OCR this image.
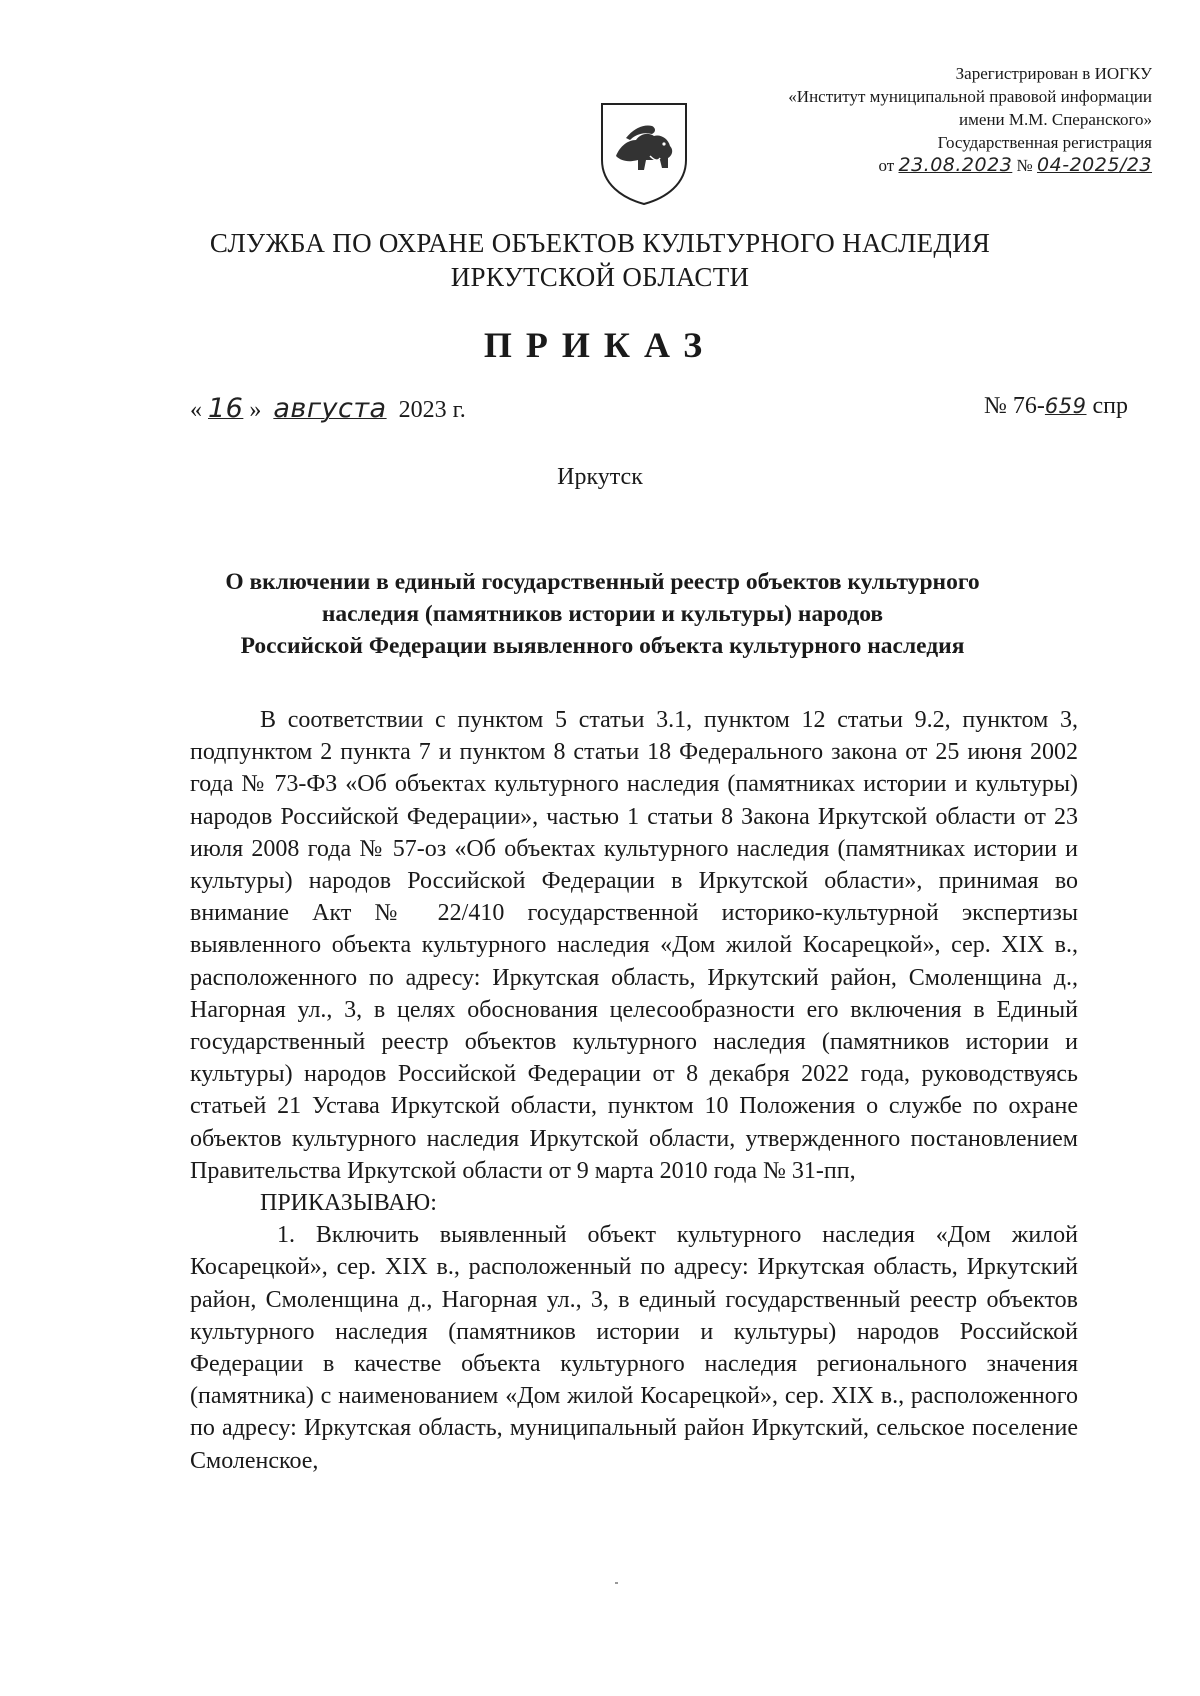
Зарегистрирован в ИОГКУ
«Институт муниципальной правовой информации
имени М.М. Сперанского»
Государственная регистрация
от 23.08.2023 № 04-2025/23
СЛУЖБА ПО ОХРАНЕ ОБЪЕКТОВ КУЛЬТУРНОГО НАСЛЕДИЯ
ИРКУТСКОЙ ОБЛАСТИ
ПРИКАЗ
« 16 » августа 2023 г.	№ 76-659 спр
Иркутск
О включении в единый государственный реестр объектов культурного
наследия (памятников истории и культуры) народов
Российской Федерации выявленного объекта культурного наследия

В соответствии с пунктом 5 статьи 3.1, пунктом 12 статьи 9.2, пунктом 3, подпунктом 2 пункта 7 и пунктом 8 статьи 18 Федерального закона от 25 июня 2002 года № 73-ФЗ «Об объектах культурного наследия (памятниках истории и культуры) народов Российской Федерации», частью 1 статьи 8 Закона Иркутской области от 23 июля 2008 года № 57-оз «Об объектах культурного наследия (памятниках истории и культуры) народов Российской Федерации в Иркутской области», принимая во внимание Акт № 22/410 государственной историко-культурной экспертизы выявленного объекта культурного наследия «Дом жилой Косарецкой», сер. XIX в., расположенного по адресу: Иркутская область, Иркутский район, Смоленщина д., Нагорная ул., 3, в целях обоснования целесообразности его включения в Единый государственный реестр объектов культурного наследия (памятников истории и культуры) народов Российской Федерации от 8 декабря 2022 года, руководствуясь статьей 21 Устава Иркутской области, пунктом 10 Положения о службе по охране объектов культурного наследия Иркутской области, утвержденного постановлением Правительства Иркутской области от 9 марта 2010 года № 31-пп,

ПРИКАЗЫВАЮ:

1. Включить выявленный объект культурного наследия «Дом жилой Косарецкой», сер. XIX в., расположенный по адресу: Иркутская область, Иркутский район, Смоленщина д., Нагорная ул., 3, в единый государственный реестр объектов культурного наследия (памятников истории и культуры) народов Российской Федерации в качестве объекта культурного наследия регионального значения (памятника) с наименованием «Дом жилой Косарецкой», сер. XIX в., расположенного по адресу: Иркутская область, муниципальный район Иркутский, сельское поселение Смоленское,
